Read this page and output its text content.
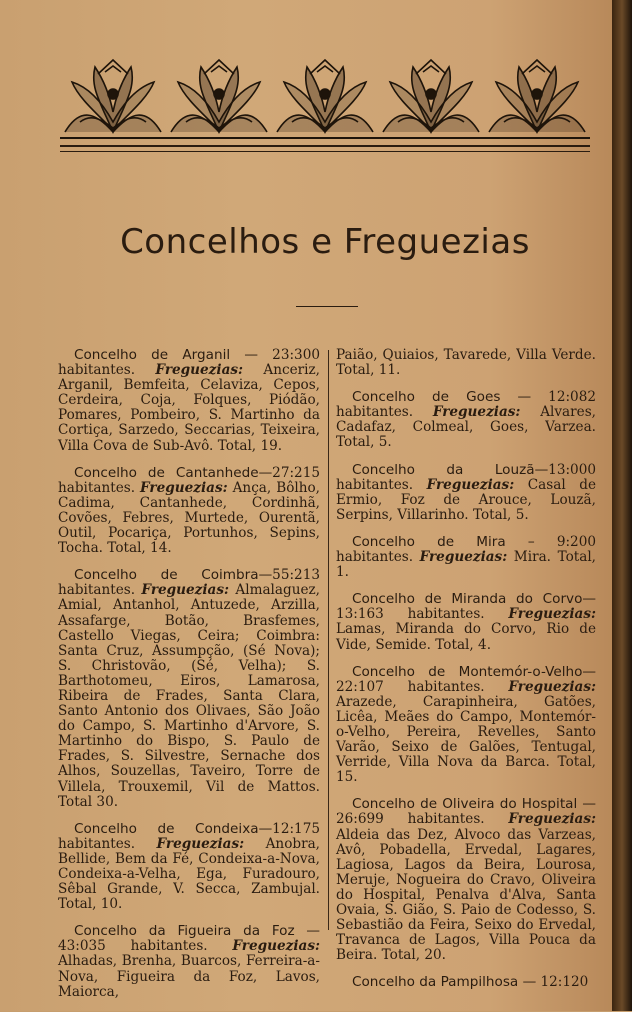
Concelhos e Freguezias

Concelho de Arganil — 23:300 habitantes. Freguezias: Anceriz, Arganil, Bemfeita, Celaviza, Cepos, Cerdeira, Coja, Folques, Piódão, Pomares, Pombeiro, S. Martinho da Cortiça, Sarzedo, Seccarias, Teixeira, Villa Cova de Sub-Avô. Total, 19.

Concelho de Cantanhede—27:215 habitantes. Freguezias: Ança, Bôlho, Cadima, Cantanhede, Cordinhã, Covões, Febres, Murtede, Ourentã, Outil, Pocariça, Portunhos, Sepins, Tocha. Total, 14.

Concelho de Coimbra—55:213 habitantes. Freguezias: Almalaguez, Amial, Antanhol, Antuzede, Arzilla, Assafarge, Botão, Brasfemes, Castello Viegas, Ceira; Coimbra: Santa Cruz, Assumpção, (Sé Nova); S. Christovão, (Sé, Velha); S. Barthotomeu, Eiros, Lamarosa, Ribeira de Frades, Santa Clara, Santo Antonio dos Olivaes, São João do Campo, S. Martinho d'Arvore, S. Martinho do Bispo, S. Paulo de Frades, S. Silvestre, Sernache dos Alhos, Souzellas, Taveiro, Torre de Villela, Trouxemil, Vil de Mattos. Total 30.

Concelho de Condeixa—12:175 habitantes. Freguezias: Anobra, Bellide, Bem da Fé, Condeixa-a-Nova, Condeixa-a-Velha, Ega, Furadouro, Sêbal Grande, V. Secca, Zambujal. Total, 10.

Concelho da Figueira da Foz — 43:035 habitantes. Freguezias: Alhadas, Brenha, Buarcos, Ferreira-a-Nova, Figueira da Foz, Lavos, Maiorca,

Paião, Quiaios, Tavarede, Villa Verde. Total, 11.

Concelho de Goes — 12:082 habitantes. Freguezias: Alvares, Cadafaz, Colmeal, Goes, Varzea. Total, 5.

Concelho da Louzã—13:000 habitantes. Freguezias: Casal de Ermio, Foz de Arouce, Louzã, Serpins, Villarinho. Total, 5.

Concelho de Mira – 9:200 habitantes. Freguezias: Mira. Total, 1.

Concelho de Miranda do Corvo—13:163 habitantes. Freguezias: Lamas, Miranda do Corvo, Rio de Vide, Semide. Total, 4.

Concelho de Montemór-o-Velho—22:107 habitantes. Freguezias: Arazede, Carapinheira, Gatões, Licêa, Meães do Campo, Montemór-o-Velho, Pereira, Revelles, Santo Varão, Seixo de Galões, Tentugal, Verride, Villa Nova da Barca. Total, 15.

Concelho de Oliveira do Hospital — 26:699 habitantes. Freguezias: Aldeia das Dez, Alvoco das Varzeas, Avô, Pobadella, Ervedal, Lagares, Lagiosa, Lagos da Beira, Lourosa, Meruje, Nogueira do Cravo, Oliveira do Hospital, Penalva d'Alva, Santa Ovaia, S. Gião, S. Paio de Codesso, S. Sebastião da Feira, Seixo do Ervedal, Travanca de Lagos, Villa Pouca da Beira. Total, 20.

Concelho da Pampilhosa — 12:120
